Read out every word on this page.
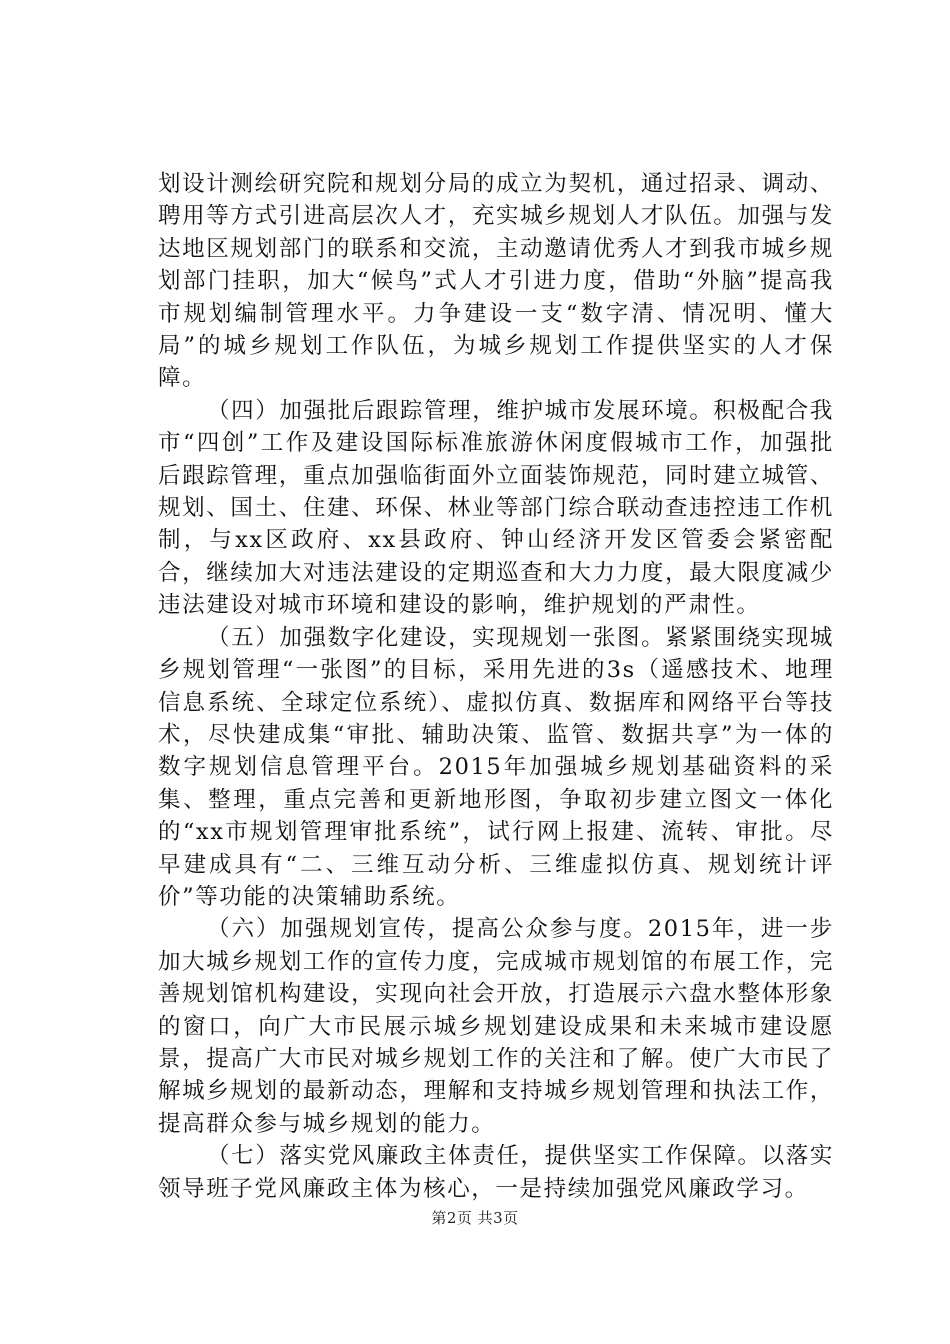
划设计测绘研究院和规划分局的成立为契机，通过招录、调动、聘用等方式引进高层次人才，充实城乡规划人才队伍。加强与发达地区规划部门的联系和交流，主动邀请优秀人才到我市城乡规划部门挂职，加大“候鸟”式人才引进力度，借助“外脑”提高我市规划编制管理水平。力争建设一支“数字清、情况明、懂大局”的城乡规划工作队伍，为城乡规划工作提供坚实的人才保障。

（四）加强批后跟踪管理，维护城市发展环境。积极配合我市“四创”工作及建设国际标准旅游休闲度假城市工作，加强批后跟踪管理，重点加强临街面外立面装饰规范，同时建立城管、规划、国土、住建、环保、林业等部门综合联动查违控违工作机制，与xx区政府、xx县政府、钟山经济开发区管委会紧密配合，继续加大对违法建设的定期巡查和大力力度，最大限度减少违法建设对城市环境和建设的影响，维护规划的严肃性。

（五）加强数字化建设，实现规划一张图。紧紧围绕实现城乡规划管理“一张图”的目标，采用先进的3s（遥感技术、地理信息系统、全球定位系统）、虚拟仿真、数据库和网络平台等技术，尽快建成集“审批、辅助决策、监管、数据共享”为一体的数字规划信息管理平台。2015年加强城乡规划基础资料的采集、整理，重点完善和更新地形图，争取初步建立图文一体化的“xx市规划管理审批系统”，试行网上报建、流转、审批。尽早建成具有“二、三维互动分析、三维虚拟仿真、规划统计评价”等功能的决策辅助系统。

（六）加强规划宣传，提高公众参与度。2015年，进一步加大城乡规划工作的宣传力度，完成城市规划馆的布展工作，完善规划馆机构建设，实现向社会开放，打造展示六盘水整体形象的窗口，向广大市民展示城乡规划建设成果和未来城市建设愿景，提高广大市民对城乡规划工作的关注和了解。使广大市民了解城乡规划的最新动态，理解和支持城乡规划管理和执法工作，提高群众参与城乡规划的能力。

（七）落实党风廉政主体责任，提供坚实工作保障。以落实领导班子党风廉政主体为核心，一是持续加强党风廉政学习。

第2页 共3页
